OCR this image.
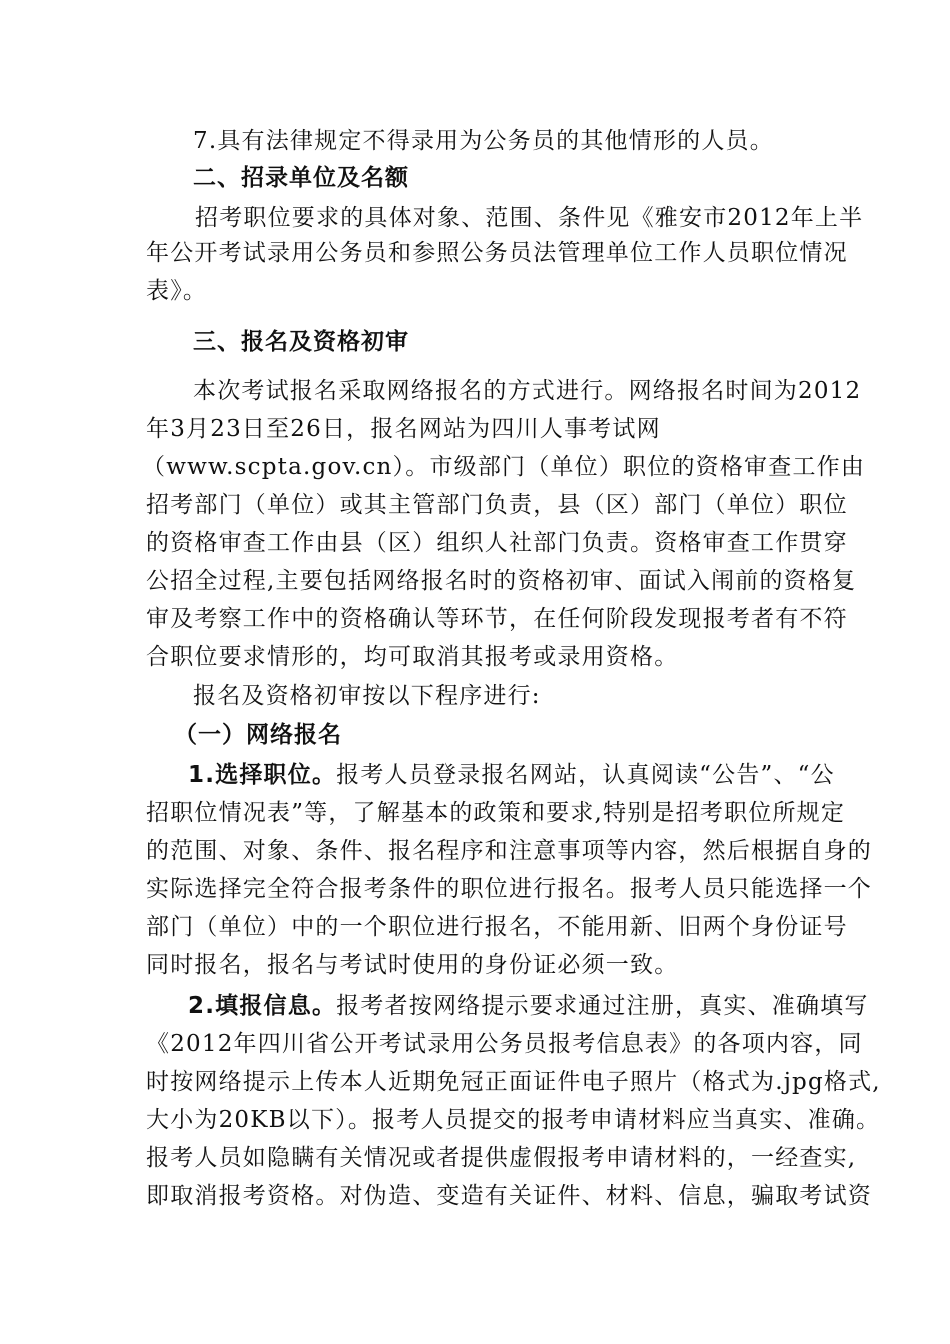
7.具有法律规定不得录用为公务员的其他情形的人员。
二、招录单位及名额
招考职位要求的具体对象、范围、条件见《雅安市2012年上半
年公开考试录用公务员和参照公务员法管理单位工作人员职位情况
表》。
三、报名及资格初审
本次考试报名采取网络报名的方式进行。网络报名时间为2012
年3月23日至26日，报名网站为四川人事考试网
（www.scpta.gov.cn）。市级部门（单位）职位的资格审查工作由
招考部门（单位）或其主管部门负责，县（区）部门（单位）职位
的资格审查工作由县（区）组织人社部门负责。资格审查工作贯穿
公招全过程,主要包括网络报名时的资格初审、面试入闱前的资格复
审及考察工作中的资格确认等环节，在任何阶段发现报考者有不符
合职位要求情形的，均可取消其报考或录用资格。
报名及资格初审按以下程序进行:
（一）网络报名
1.选择职位。报考人员登录报名网站，认真阅读“公告”、“公
招职位情况表”等，了解基本的政策和要求,特别是招考职位所规定
的范围、对象、条件、报名程序和注意事项等内容，然后根据自身的
实际选择完全符合报考条件的职位进行报名。报考人员只能选择一个
部门（单位）中的一个职位进行报名，不能用新、旧两个身份证号
同时报名，报名与考试时使用的身份证必须一致。
2.填报信息。报考者按网络提示要求通过注册，真实、准确填写
《2012年四川省公开考试录用公务员报考信息表》的各项内容，同
时按网络提示上传本人近期免冠正面证件电子照片（格式为.jpg格式,
大小为20KB以下）。报考人员提交的报考申请材料应当真实、准确。
报考人员如隐瞒有关情况或者提供虚假报考申请材料的，一经查实,
即取消报考资格。对伪造、变造有关证件、材料、信息，骗取考试资
